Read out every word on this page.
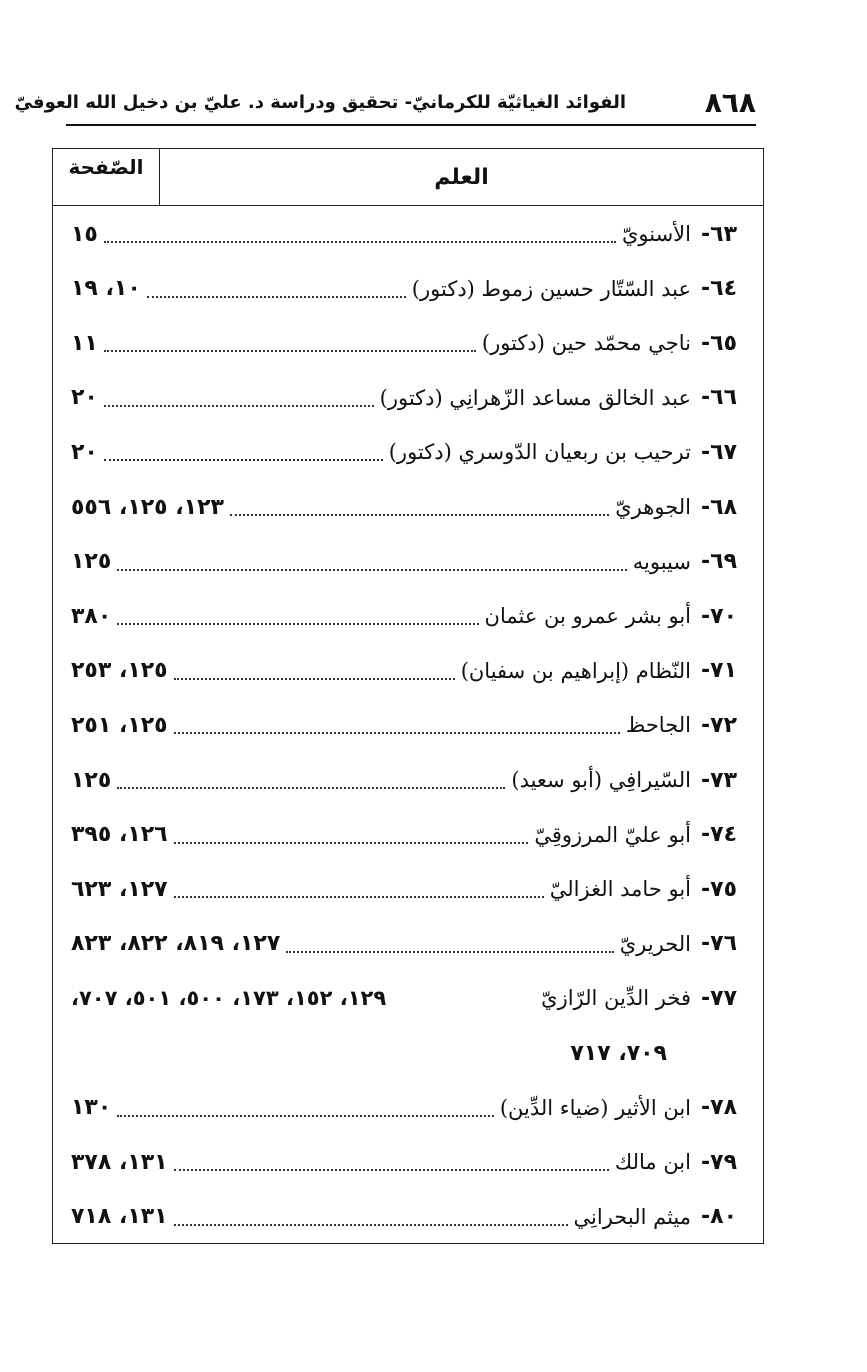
٨٦٨
الفوائد الغياثيّة للكرمانيّ- تحقيق ودراسة د. عليّ بن دخيل الله العوفيّ
العلم
الصّفحة
٦٣-
الأسنويّ
١٥
٦٤-
عبد السّتّار حسين زموط (دكتور)
١٠، ١٩
٦٥-
ناجي محمّد حين (دكتور)
١١
٦٦-
عبد الخالق مساعد الزّهرانِي (دكتور)
٢٠
٦٧-
ترحيب بن ربعيان الدّوسري (دكتور)
٢٠
٦٨-
الجوهريّ
١٢٣، ١٢٥، ٥٥٦
٦٩-
سيبويه
١٢٥
٧٠-
أبو بشر عمرو بن عثمان
٣٨٠
٧١-
النّظام (إبراهيم بن سفيان)
١٢٥، ٢٥٣
٧٢-
الجاحظ
١٢٥، ٢٥١
٧٣-
السّيرافِي (أبو سعيد)
١٢٥
٧٤-
أبو عليّ المرزوقِيّ
١٢٦، ٣٩٥
٧٥-
أبو حامد الغزاليّ
١٢٧، ٦٢٣
٧٦-
الحريريّ
١٢٧، ٨١٩، ٨٢٢، ٨٢٣
٧٧-
فخر الدِّين الرّازيّ
١٢٩، ١٥٢، ١٧٣، ٥٠٠، ٥٠١، ٧٠٧،
٧٠٩، ٧١٧
٧٨-
ابن الأثير (ضياء الدِّين)
١٣٠
٧٩-
ابن مالك
١٣١، ٣٧٨
٨٠-
ميثم البحرانِي
١٣١، ٧١٨
